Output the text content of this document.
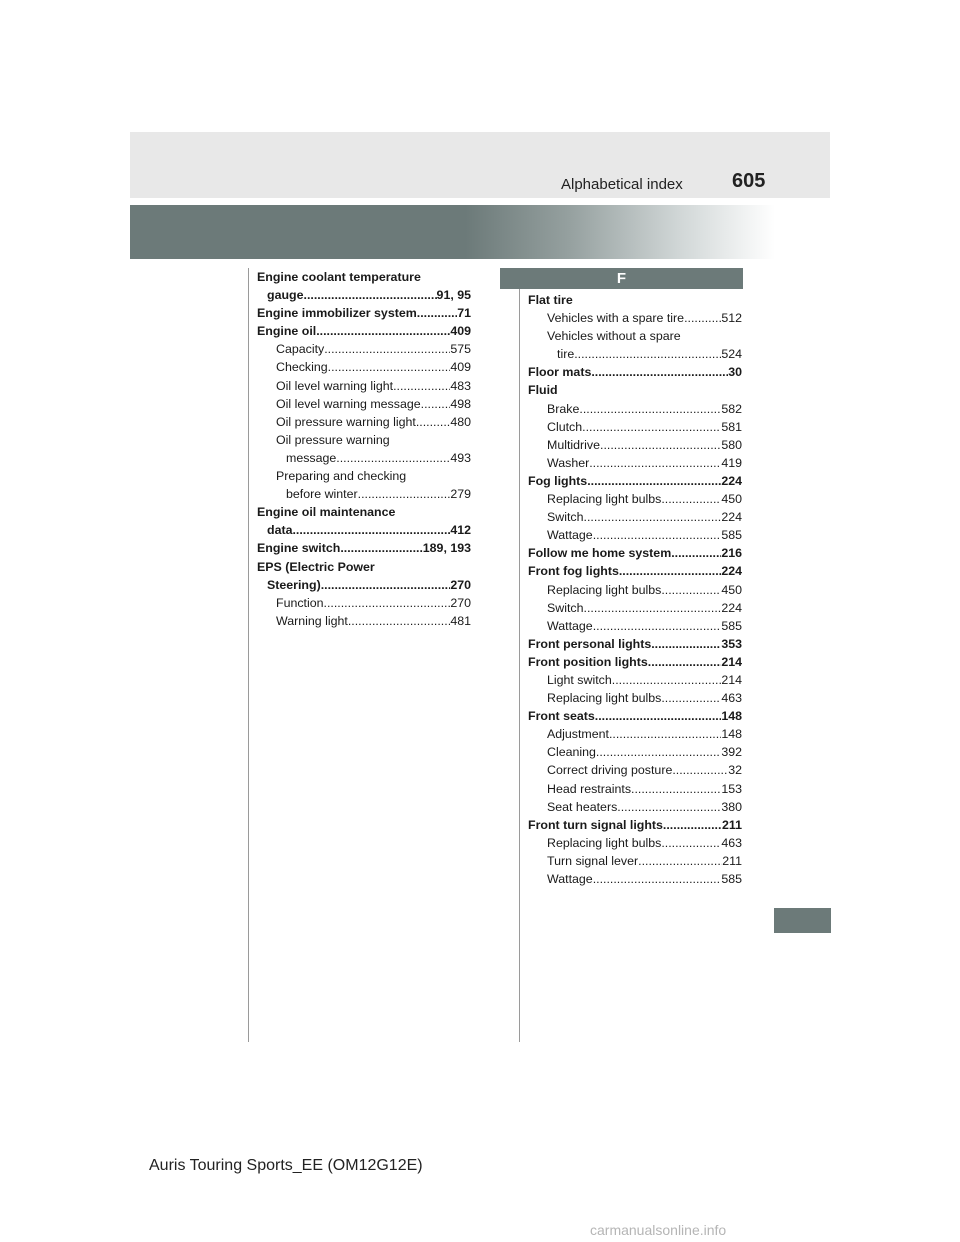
Alphabetical index 605
Engine coolant temperature
gauge .....	91, 95
Engine immobilizer system .....	71
Engine oil .....	409
Capacity .....	575
Checking .....	409
Oil level warning light .....	483
Oil level warning message ..... 498
Oil pressure warning light .....	480
Oil pressure warning
message .....	493
Preparing and checking
before winter .....	279
Engine oil maintenance
data .....	412
Engine switch .....	189, 193
EPS (Electric Power
Steering) .....	270
Function .....	270
Warning light .....	481
F
Flat tire
Vehicles with a spare tire .....	512
Vehicles without a spare
tire .....	524
Floor mats .....	30
Fluid
Brake .....	582
Clutch .....	581
Multidrive .....	580
Washer .....	419
Fog lights .....	224
Replacing light bulbs .....	450
Switch .....	224
Wattage .....	585
Follow me home system .....	216
Front fog lights .....	224
Replacing light bulbs .....	450
Switch .....	224
Wattage .....	585
Front personal lights .....	353
Front position lights .....	214
Light switch .....	214
Replacing light bulbs .....	463
Front seats .....	148
Adjustment .....	148
Cleaning .....	392
Correct driving posture .....	32
Head restraints .....	153
Seat heaters .....	380
Front turn signal lights .....	211
Replacing light bulbs .....	463
Turn signal lever .....	211
Wattage .....	585
Auris Touring Sports_EE (OM12G12E)
carmanualsonline.info
